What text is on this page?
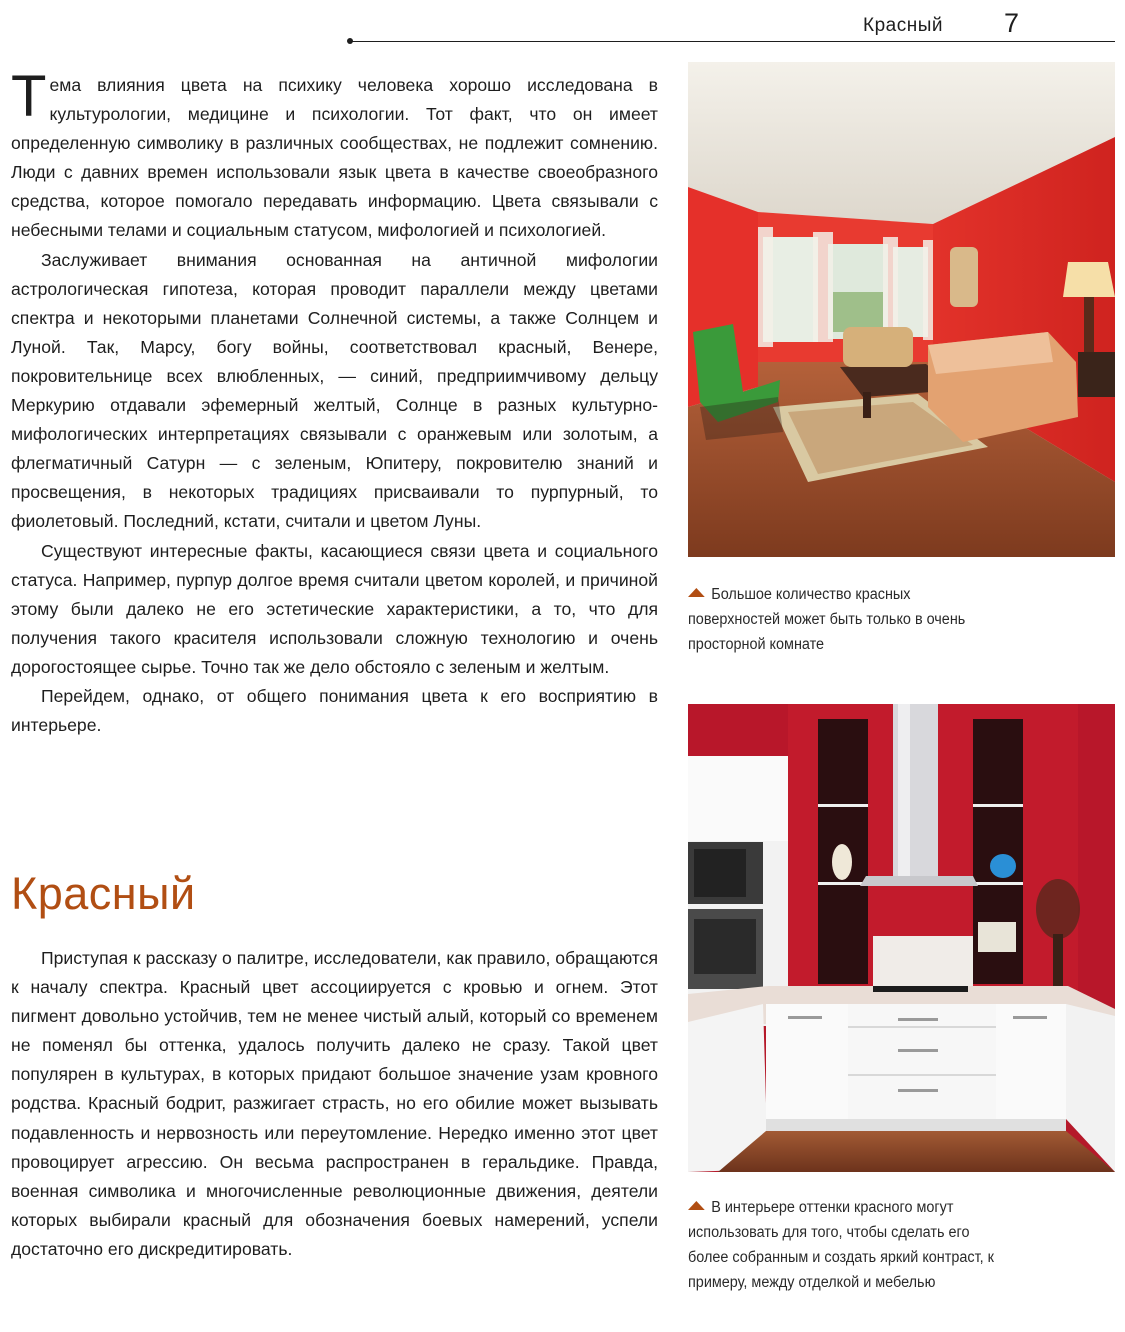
Красный 7

Тема влияния цвета на психику человека хорошо исследована в культурологии, медицине и психологии. Тот факт, что он имеет определенную символику в различных сообществах, не подлежит сомнению. Люди с давних времен использовали язык цвета в качестве своеобразного средства, которое помогало передавать информацию. Цвета связывали с небесными телами и социальным статусом, мифологией и психологией.

Заслуживает внимания основанная на античной мифологии астрологическая гипотеза, которая проводит параллели между цветами спектра и некоторыми планетами Солнечной системы, а также Солнцем и Луной. Так, Марсу, богу войны, соответствовал красный, Венере, покровительнице всех влюбленных, — синий, предприимчивому дельцу Меркурию отдавали эфемерный желтый, Солнце в разных культурно-мифологических интерпретациях связывали с оранжевым или золотым, а флегматичный Сатурн — с зеленым, Юпитеру, покровителю знаний и просвещения, в некоторых традициях присваивали то пурпурный, то фиолетовый. Последний, кстати, считали и цветом Луны.

Существуют интересные факты, касающиеся связи цвета и социального статуса. Например, пурпур долгое время считали цветом королей, и причиной этому были далеко не его эстетические характеристики, а то, что для получения такого красителя использовали сложную технологию и очень дорогостоящее сырье. Точно так же дело обстояло с зеленым и желтым.

Перейдем, однако, от общего понимания цвета к его восприятию в интерьере.

Красный

Приступая к рассказу о палитре, исследователи, как правило, обращаются к началу спектра. Красный цвет ассоциируется с кровью и огнем. Этот пигмент довольно устойчив, тем не менее чистый алый, который со временем не поменял бы оттенка, удалось получить далеко не сразу. Такой цвет популярен в культурах, в которых придают большое значение узам кровного родства. Красный бодрит, разжигает страсть, но его обилие может вызывать подавленность и нервозность или переутомление. Нередко именно этот цвет провоцирует агрессию. Он весьма распространен в геральдике. Правда, военная символика и многочисленные революционные движения, деятели которых выбирали красный для обозначения боевых намерений, успели достаточно его дискредитировать.

Большое количество красных поверхностей может быть только в очень просторной комнате
В интерьере оттенки красного могут использовать для того, чтобы сделать его более собранным и создать яркий контраст, к примеру, между отделкой и мебелью
